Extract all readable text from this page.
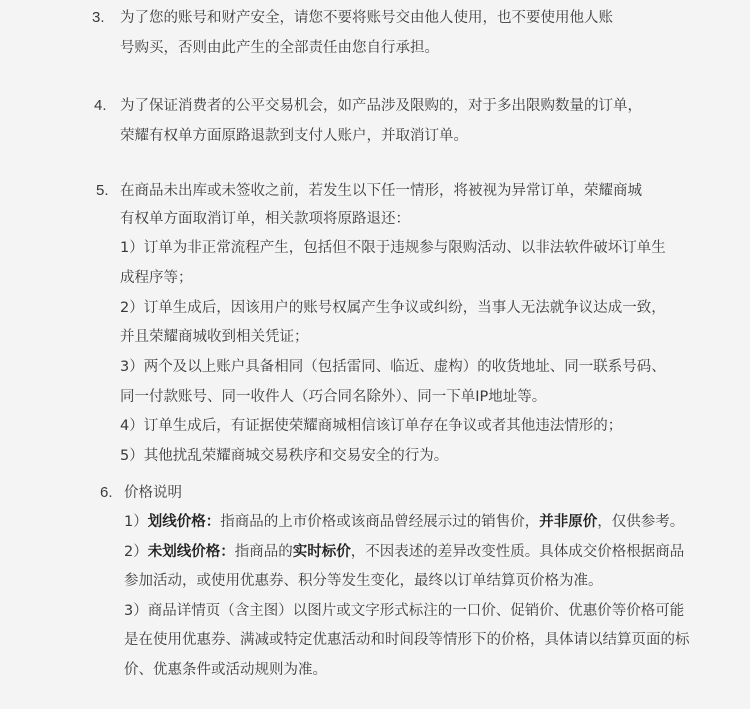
3. 为了您的账号和财产安全，请您不要将账号交由他人使用，也不要使用他人账
号购买，否则由此产生的全部责任由您自行承担。
4. 为了保证消费者的公平交易机会，如产品涉及限购的，对于多出限购数量的订单，
荣耀有权单方面原路退款到支付人账户，并取消订单。
5. 在商品未出库或未签收之前，若发生以下任一情形，将被视为异常订单，荣耀商城
有权单方面取消订单，相关款项将原路退还：
1）订单为非正常流程产生，包括但不限于违规参与限购活动、以非法软件破坏订单生
成程序等；
2）订单生成后，因该用户的账号权属产生争议或纠纷，当事人无法就争议达成一致，
并且荣耀商城收到相关凭证；
3）两个及以上账户具备相同（包括雷同、临近、虚构）的收货地址、同一联系号码、
同一付款账号、同一收件人（巧合同名除外）、同一下单IP地址等。
4）订单生成后，有证据使荣耀商城相信该订单存在争议或者其他违法情形的；
5）其他扰乱荣耀商城交易秩序和交易安全的行为。
6. 价格说明
1）划线价格：指商品的上市价格或该商品曾经展示过的销售价，并非原价，仅供参考。
2）未划线价格：指商品的实时标价，不因表述的差异改变性质。具体成交价格根据商品
参加活动，或使用优惠券、积分等发生变化，最终以订单结算页价格为准。
3）商品详情页（含主图）以图片或文字形式标注的一口价、促销价、优惠价等价格可能
是在使用优惠券、满减或特定优惠活动和时间段等情形下的价格，具体请以结算页面的标
价、优惠条件或活动规则为准。
